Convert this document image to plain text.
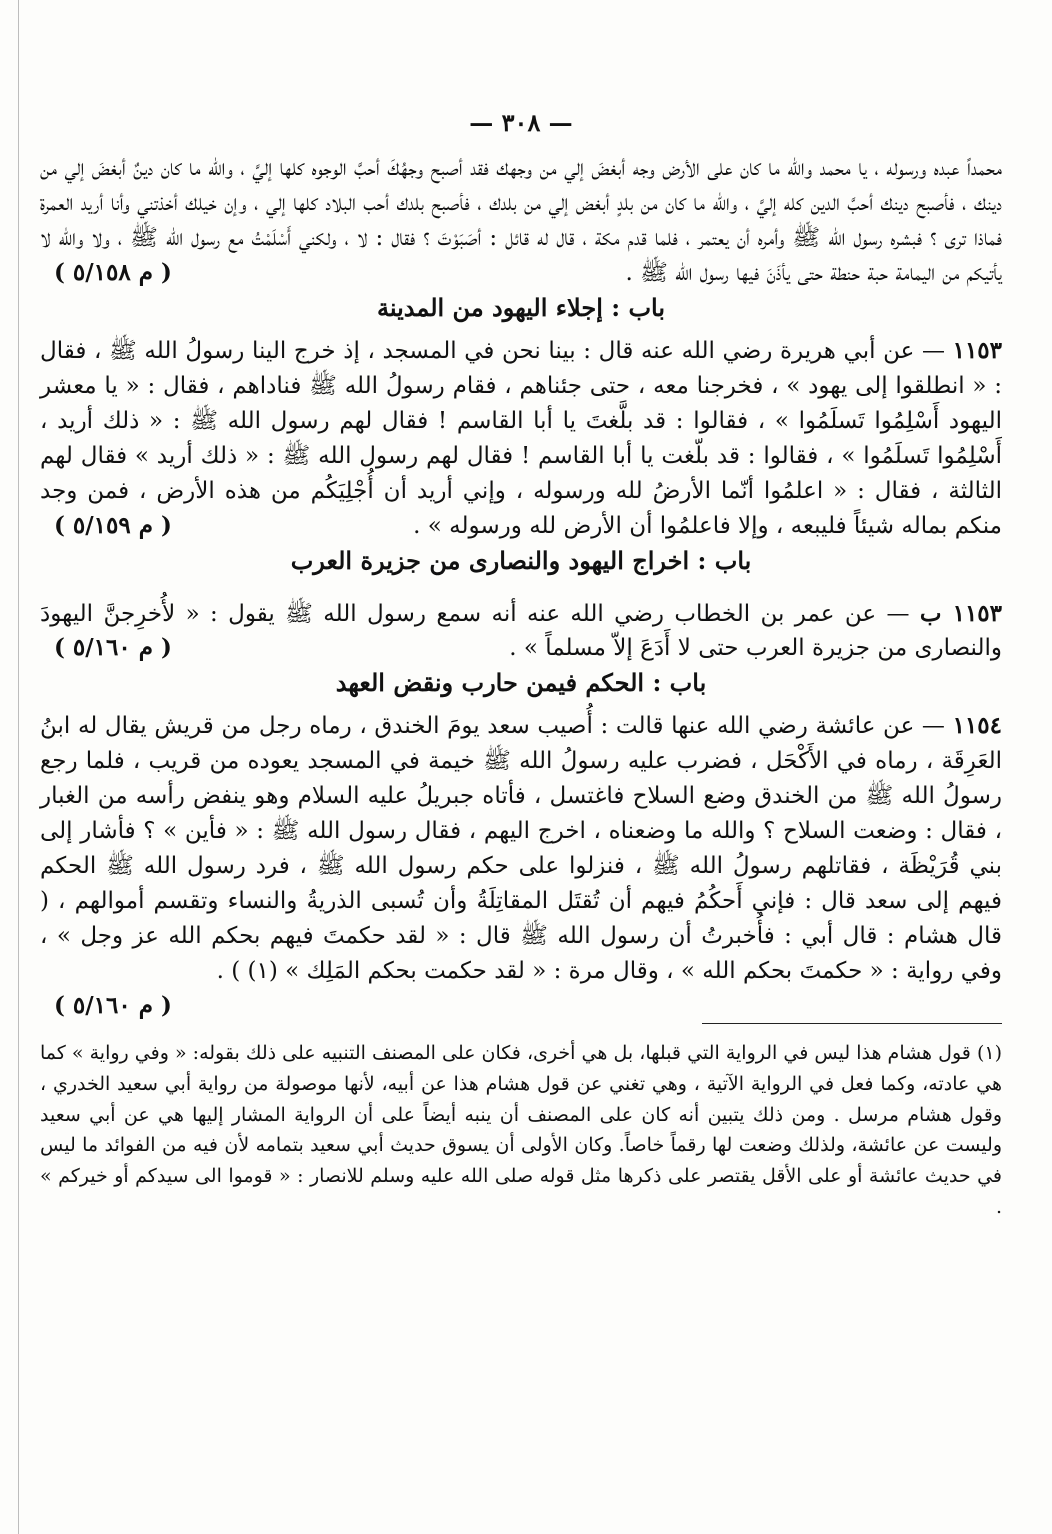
— ٣٠٨ —

محمداً عبده ورسوله ، يا محمد والله ما كان على الأرض وجه أبغضَ إلي من وجهك فقد أصبح وجهُكَ أحبَّ الوجوه كلها إليَّ ، والله ما كان دينٌ أبغضَ إلي من دينك ، فأصبح دينك أحبَّ الدين كله إليَّ ، والله ما كان من بلدٍ أبغض إلي من بلدك ، فأصبح بلدك أحب البلاد كلها إلي ، وإن خيلك أخذتني وأنا أريد العمرة فماذا ترى ؟ فبشره رسول الله ﷺ وأمره أن يعتمر ، فلما قدم مكة ، قال له قائل : أصَبَوْتَ ؟ فقال : لا ، ولكني أَسْلَمْتُ مع رسول الله ﷺ ، ولا والله لا يأتيكم من اليمامة حبة حنطة حتى يأذَنَ فيها رسول الله ﷺ .
( م ٥/١٥٨ )

باب : إجلاء اليهود من المدينة

١١٥٣ — عن أبي هريرة رضي الله عنه قال : بينا نحن في المسجد ، إذ خرج الينا رسولُ الله ﷺ ، فقال : « انطلقوا إلى يهود » ، فخرجنا معه ، حتى جئناهم ، فقام رسولُ الله ﷺ فناداهم ، فقال : « يا معشر اليهود أَسْلِمُوا تَسلَمُوا » ، فقالوا : قد بلَّغتَ يا أبا القاسم ! فقال لهم رسول الله ﷺ : « ذلك أريد ، أَسْلِمُوا تَسلَمُوا » ، فقالوا : قد بلّغت يا أبا القاسم ! فقال لهم رسول الله ﷺ : « ذلك أريد » فقال لهم الثالثة ، فقال : « اعلمُوا أنّما الأرضُ لله ورسوله ، وإني أريد أن أُجْلِيَكُم من هذه الأرض ، فمن وجد منكم بماله شيئاً فليبعه ، وإلا فاعلمُوا أن الأرض لله ورسوله » .
( م ٥/١٥٩ )

باب : اخراج اليهود والنصارى من جزيرة العرب

١١٥٣ ب — عن عمر بن الخطاب رضي الله عنه أنه سمع رسول الله ﷺ يقول : « لأُخرِجنَّ اليهودَ والنصارى من جزيرة العرب حتى لا أَدَعَ إلاّ مسلماً » .
( م ٥/١٦٠ )

باب : الحكم فيمن حارب ونقض العهد

١١٥٤ — عن عائشة رضي الله عنها قالت : أُصيب سعد يومَ الخندق ، رماه رجل من قريش يقال له ابنُ العَرِقَة ، رماه في الأَكْحَل ، فضرب عليه رسولُ الله ﷺ خيمة في المسجد يعوده من قريب ، فلما رجع رسولُ الله ﷺ من الخندق وضع السلاح فاغتسل ، فأتاه جبريلُ عليه السلام وهو ينفض رأسه من الغبار ، فقال : وضعت السلاح ؟ والله ما وضعناه ، اخرج اليهم ، فقال رسول الله ﷺ : « فأين » ؟ فأشار إلى بني قُرَيْظَة ، فقاتلهم رسولُ الله ﷺ ، فنزلوا على حكم رسول الله ﷺ ، فرد رسول الله ﷺ الحكم فيهم إلى سعد قال : فإني أَحكُمُ فيهم أن تُقتَل المقاتِلَةُ وأن تُسبى الذريةُ والنساء وتقسم أموالهم ، ( قال هشام : قال أبي : فأُخبرتُ أن رسول الله ﷺ قال : « لقد حكمتَ فيهم بحكم الله عز وجل » ، وفي رواية : « حكمتَ بحكم الله » ، وقال مرة : « لقد حكمت بحكم المَلِك » (١) ) .

( م ٥/١٦٠ )

(١) قول هشام هذا ليس في الرواية التي قبلها، بل هي أخرى، فكان على المصنف التنبيه على ذلك بقوله: « وفي رواية » كما هي عادته، وكما فعل في الرواية الآتية ، وهي تغني عن قول هشام هذا عن أبيه، لأنها موصولة من رواية أبي سعيد الخدري ، وقول هشام مرسل . ومن ذلك يتبين أنه كان على المصنف أن ينبه أيضاً على أن الرواية المشار إليها هي عن أبي سعيد وليست عن عائشة، ولذلك وضعت لها رقماً خاصاً. وكان الأولى أن يسوق حديث أبي سعيد بتمامه لأن فيه من الفوائد ما ليس في حديث عائشة أو على الأقل يقتصر على ذكرها مثل قوله صلى الله عليه وسلم للانصار : « قوموا الى سيدكم أو خيركم » .
